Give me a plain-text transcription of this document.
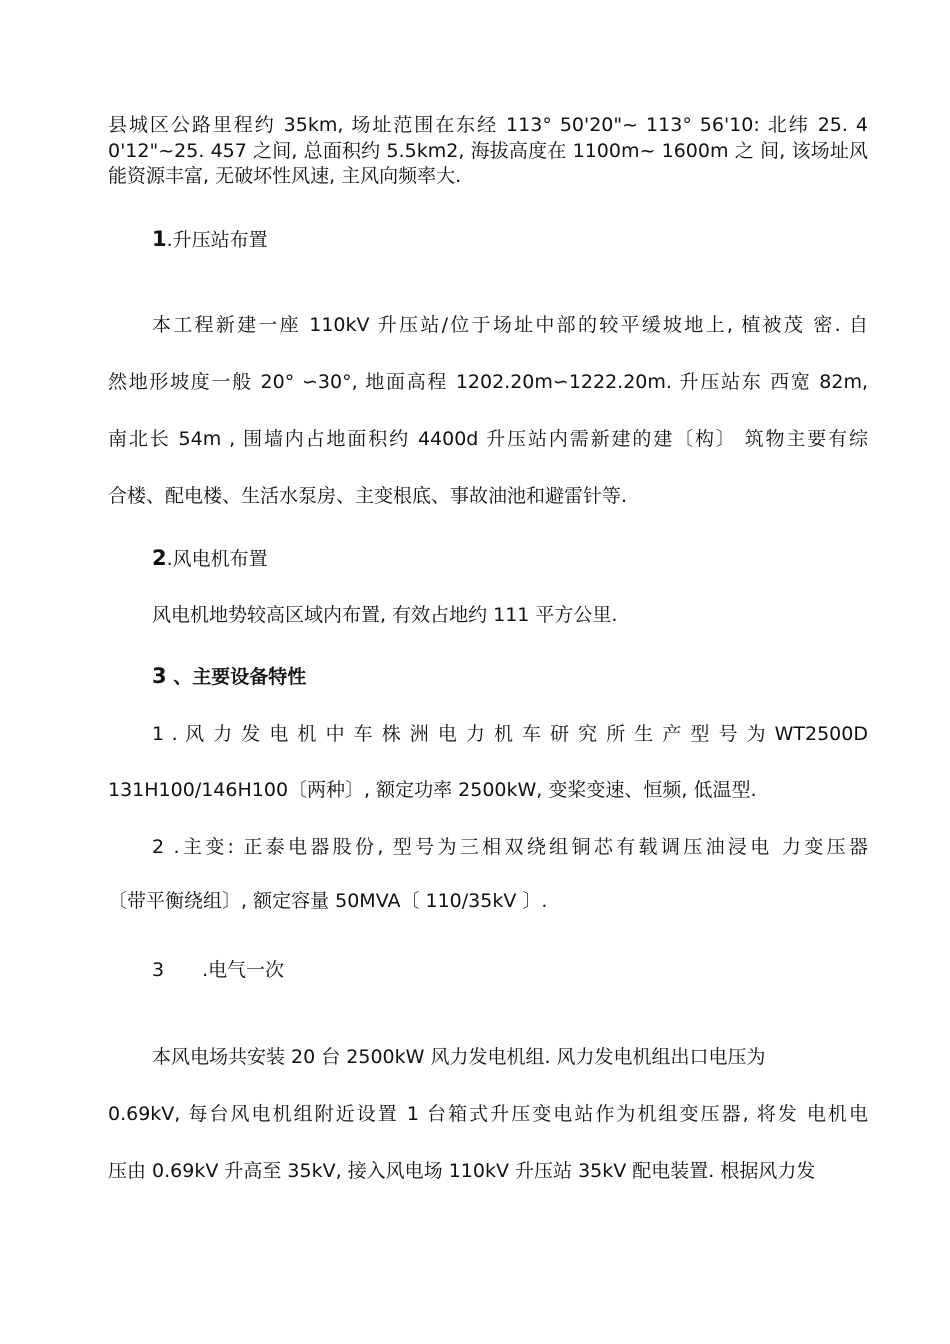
县城区公路里程约 35km, 场址范围在东经 113° 50'20"~ 113° 56'10: 北纬 25. 4
0'12"~25. 457 之间, 总面积约 5.5km2, 海拔高度在 1100m~ 1600m 之 间, 该场址风
能资源丰富, 无破坏性风速, 主风向频率大.
1.升压站布置
本工程新建一座 110kV 升压站/位于场址中部的较平缓坡地上, 植被茂 密. 自
然地形坡度一般 20° ∽30°, 地面高程 1202.20m∽1222.20m. 升压站东 西宽 82m,
南北长 54m , 围墙内占地面积约 4400d 升压站内需新建的建〔构〕 筑物主要有综
合楼、配电楼、生活水泵房、主变根底、事故油池和避雷针等.
2.风电机布置
风电机地势较高区域内布置, 有效占地约 111 平方公里.
3 、主要设备特性
1 . 风 力 发 电 机 中 车 株 洲 电 力 机 车 研 究 所 生 产 型 号 为 WT2500D
131H100/146H100〔两种〕, 额定功率 2500kW, 变桨变速、恒频, 低温型.
2 .主变: 正泰电器股份, 型号为三相双绕组铜芯有载调压油浸电 力变压器
〔带平衡绕组〕, 额定容量 50MVA〔 110/35kV 〕.
3 .电气一次
本风电场共安装 20 台 2500kW 风力发电机组. 风力发电机组出口电压为
0.69kV, 每台风电机组附近设置 1 台箱式升压变电站作为机组变压器, 将发 电机电
压由 0.69kV 升高至 35kV, 接入风电场 110kV 升压站 35kV 配电装置. 根据风力发
